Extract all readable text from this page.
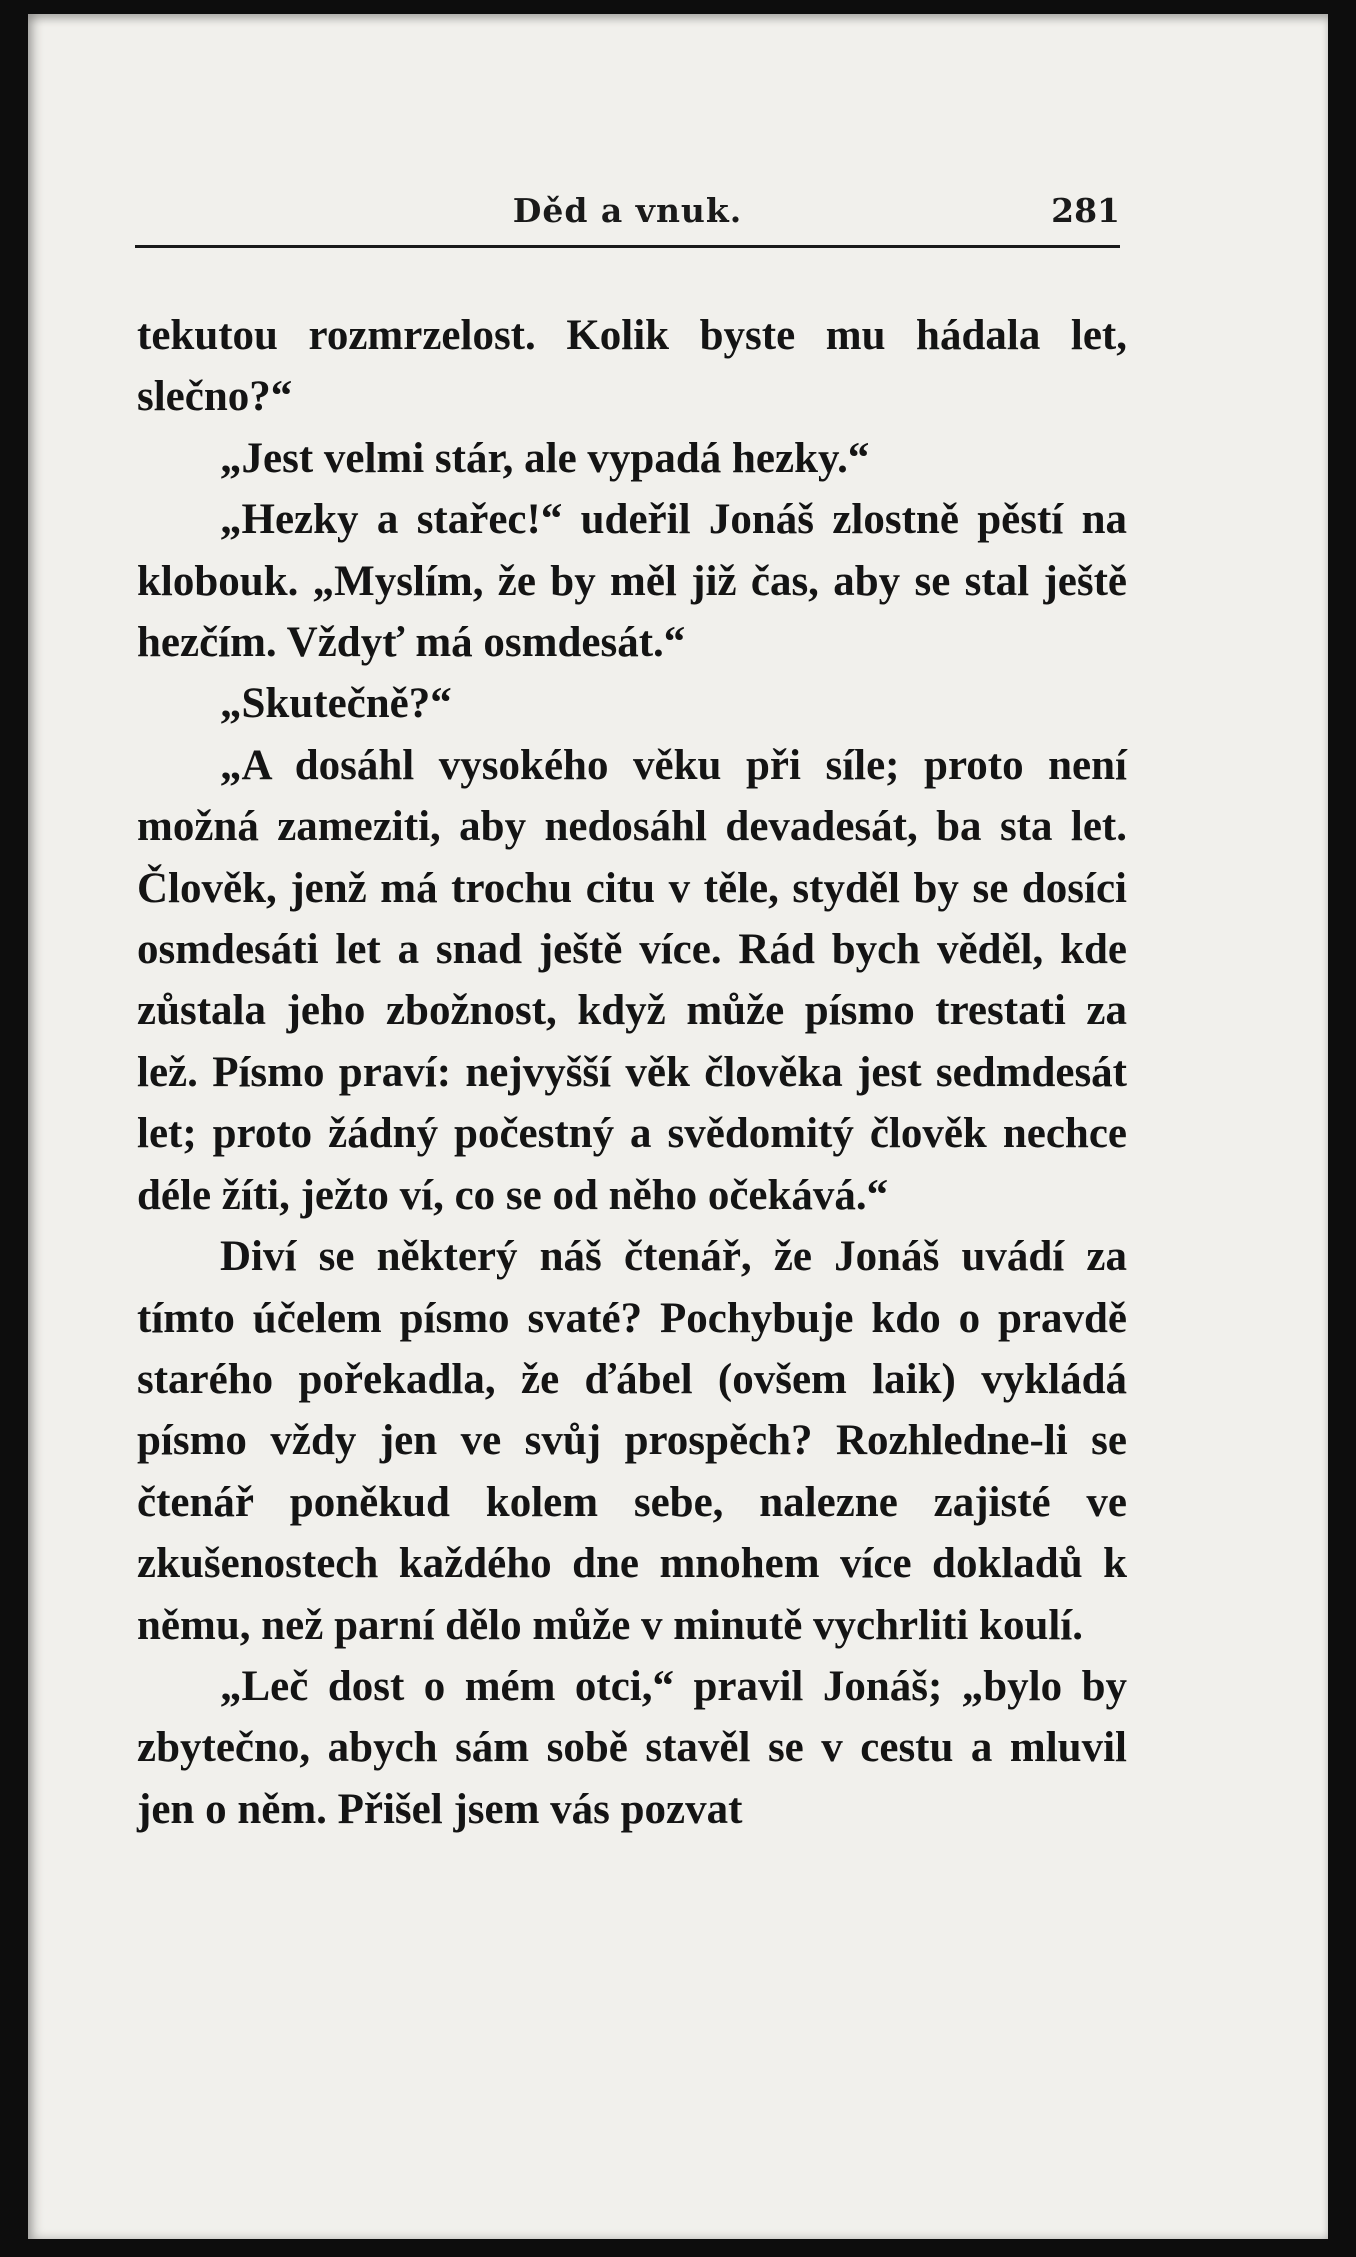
Děd a vnuk.	281

tekutou rozmrzelost. Kolik byste mu hádala let, slečno?“

„Jest velmi stár, ale vypadá hezky.“

„Hezky a stařec!“ udeřil Jonáš zlostně pěstí na klobouk. „Myslím, že by měl již čas, aby se stal ještě hezčím. Vždyť má osmdesát.“

„Skutečně?“

„A dosáhl vysokého věku při síle; proto není možná zameziti, aby nedosáhl devadesát, ba sta let. Člověk, jenž má trochu citu v těle, styděl by se dosíci osmdesáti let a snad ještě více. Rád bych věděl, kde zůstala jeho zbožnost, když může písmo trestati za lež. Písmo praví: nejvyšší věk člověka jest sedmdesát let; proto žádný počestný a svědomitý člověk nechce déle žíti, ježto ví, co se od něho očekává.“

Diví se některý náš čtenář, že Jonáš uvádí za tímto účelem písmo svaté? Pochybuje kdo o pravdě starého pořekadla, že ďábel (ovšem laik) vykládá písmo vždy jen ve svůj prospěch? Rozhledne-li se čtenář poněkud kolem sebe, nalezne zajisté ve zkušenostech každého dne mnohem více dokladů k němu, než parní dělo může v minutě vychrliti koulí.

„Leč dost o mém otci,“ pravil Jonáš; „bylo by zbytečno, abych sám sobě stavěl se v cestu a mluvil jen o něm. Přišel jsem vás pozvat
